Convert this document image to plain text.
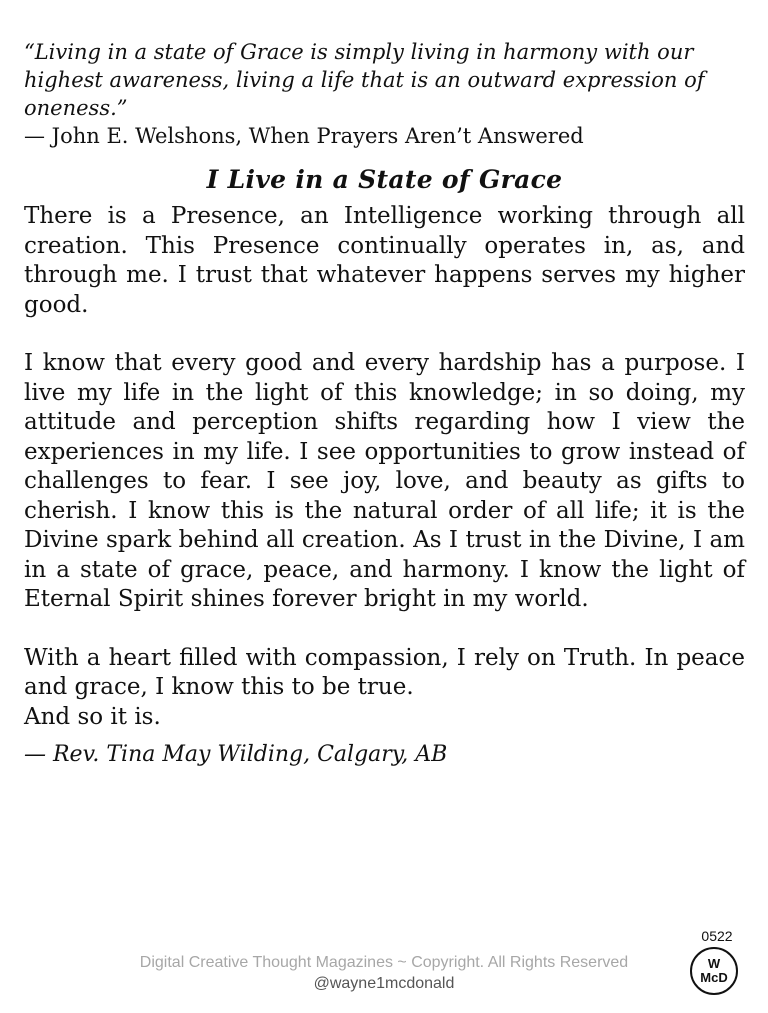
“Living in a state of Grace is simply living in harmony with our highest awareness, living a life that is an outward expression of oneness.”

— John E. Welshons, When Prayers Aren’t Answered

I Live in a State of Grace

There is a Presence, an Intelligence working through all creation. This Presence continually operates in, as, and through me. I trust that whatever happens serves my higher good.

I know that every good and every hardship has a purpose. I live my life in the light of this knowledge; in so doing, my attitude and perception shifts regarding how I view the experiences in my life. I see opportunities to grow instead of challenges to fear. I see joy, love, and beauty as gifts to cherish. I know this is the natural order of all life; it is the Divine spark behind all creation. As I trust in the Divine, I am in a state of grace, peace, and harmony. I know the light of Eternal Spirit shines forever bright in my world.

With a heart filled with compassion, I rely on Truth. In peace and grace, I know this to be true.

And so it is.

— Rev. Tina May Wilding, Calgary, AB

0522
W
McD
Digital Creative Thought Magazines ~ Copyright. All Rights Reserved
@wayne1mcdonald
